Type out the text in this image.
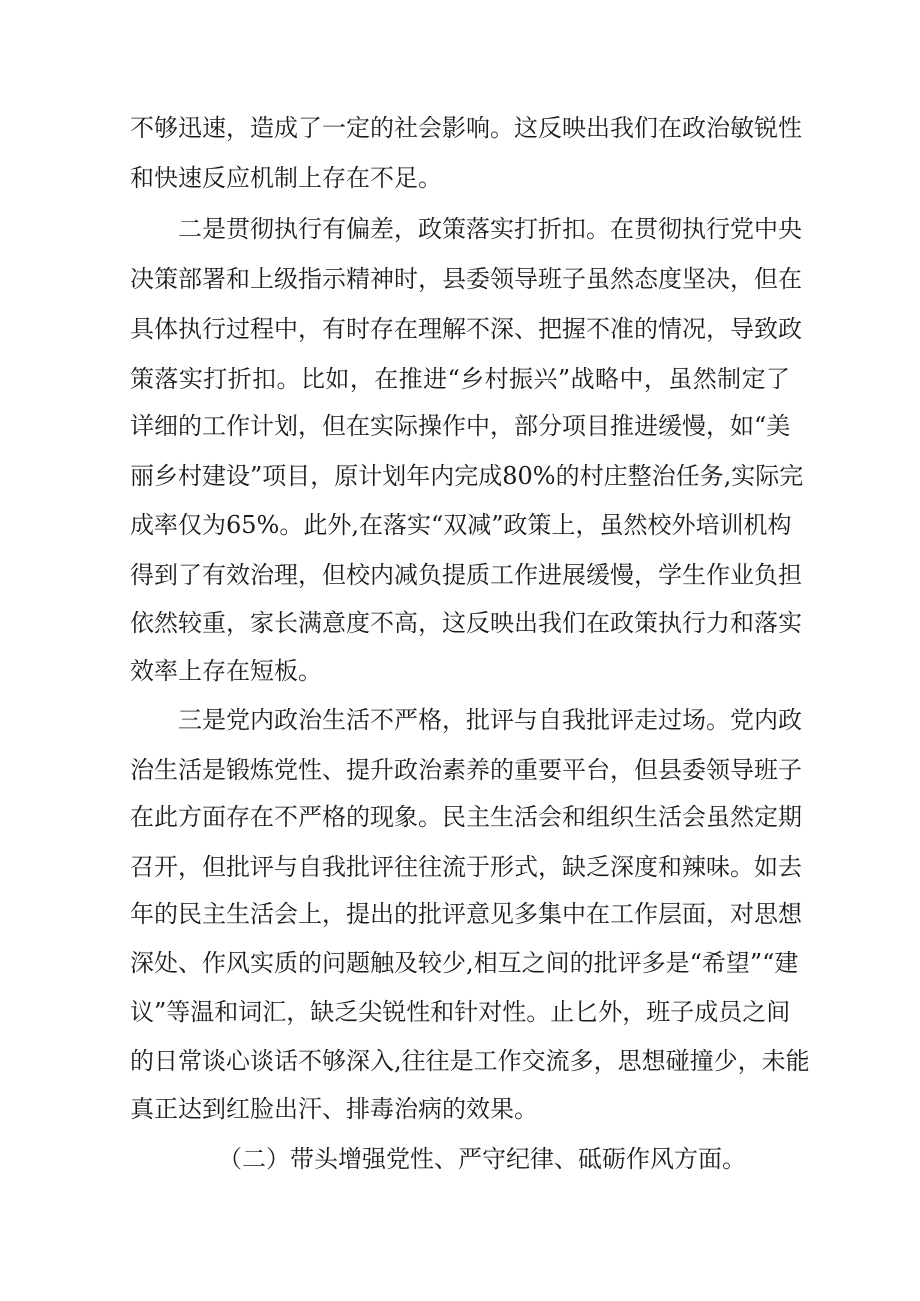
不够迅速，造成了一定的社会影响。这反映出我们在政治敏锐性
和快速反应机制上存在不足。
二是贯彻执行有偏差，政策落实打折扣。在贯彻执行党中央
决策部署和上级指示精神时，县委领导班子虽然态度坚决，但在
具体执行过程中，有时存在理解不深、把握不准的情况，导致政
策落实打折扣。比如，在推进“乡村振兴”战略中，虽然制定了
详细的工作计划，但在实际操作中，部分项目推进缓慢，如“美
丽乡村建设”项目，原计划年内完成80%的村庄整治任务,实际完
成率仅为65%。此外,在落实“双减”政策上，虽然校外培训机构
得到了有效治理，但校内减负提质工作进展缓慢，学生作业负担
依然较重，家长满意度不高，这反映出我们在政策执行力和落实
效率上存在短板。
三是党内政治生活不严格，批评与自我批评走过场。党内政
治生活是锻炼党性、提升政治素养的重要平台，但县委领导班子
在此方面存在不严格的现象。民主生活会和组织生活会虽然定期
召开，但批评与自我批评往往流于形式，缺乏深度和辣味。如去
年的民主生活会上，提出的批评意见多集中在工作层面，对思想
深处、作风实质的问题触及较少,相互之间的批评多是“希望”“建
议”等温和词汇，缺乏尖锐性和针对性。止匕外，班子成员之间
的日常谈心谈话不够深入,往往是工作交流多，思想碰撞少，未能
真正达到红脸出汗、排毒治病的效果。
（二）带头增强党性、严守纪律、砥砺作风方面。
